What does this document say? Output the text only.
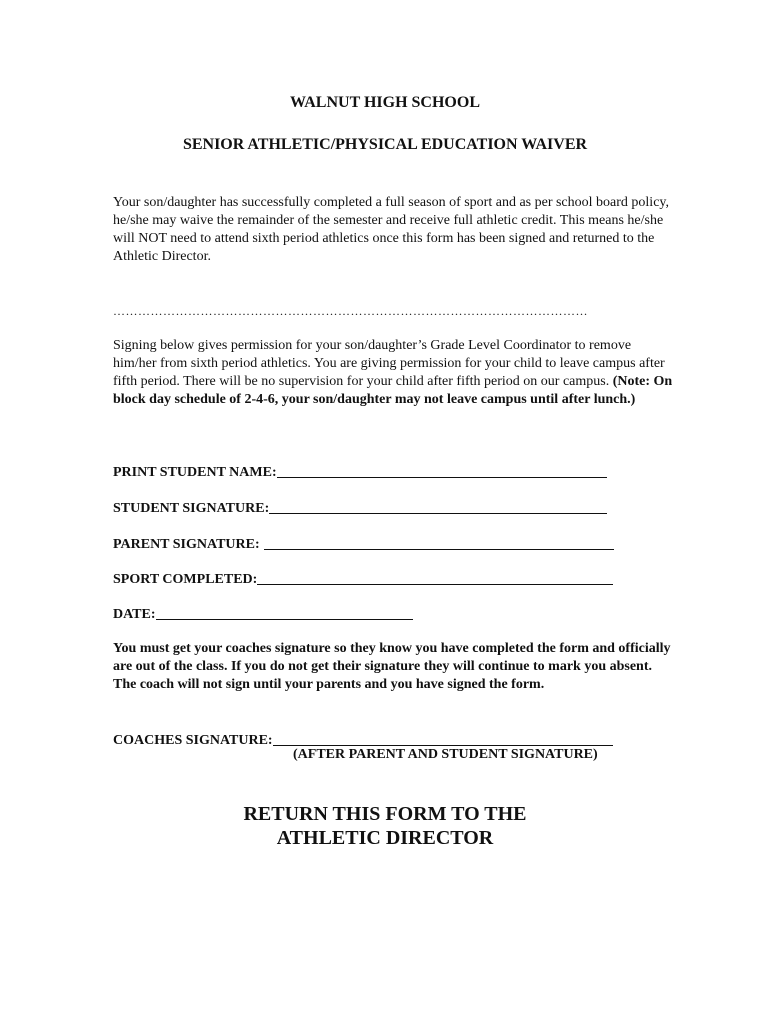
WALNUT HIGH SCHOOL
SENIOR ATHLETIC/PHYSICAL EDUCATION WAIVER
Your son/daughter has successfully completed a full season of sport and as per school board policy, he/she may waive the remainder of the semester and receive full athletic credit. This means he/she will NOT need to attend sixth period athletics once this form has been signed and returned to the Athletic Director.
……………………………………………………………………………………………………
Signing below gives permission for your son/daughter’s Grade Level Coordinator to remove him/her from sixth period athletics. You are giving permission for your child to leave campus after fifth period. There will be no supervision for your child after fifth period on our campus. (Note: On block day schedule of 2-4-6, your son/daughter may not leave campus until after lunch.)
PRINT STUDENT NAME:
STUDENT SIGNATURE:
PARENT SIGNATURE:
SPORT COMPLETED:
DATE:
You must get your coaches signature so they know you have completed the form and officially are out of the class. If you do not get their signature they will continue to mark you absent. The coach will not sign until your parents and you have signed the form.
COACHES SIGNATURE:
(AFTER PARENT AND STUDENT SIGNATURE)
RETURN THIS FORM TO THE
ATHLETIC DIRECTOR
